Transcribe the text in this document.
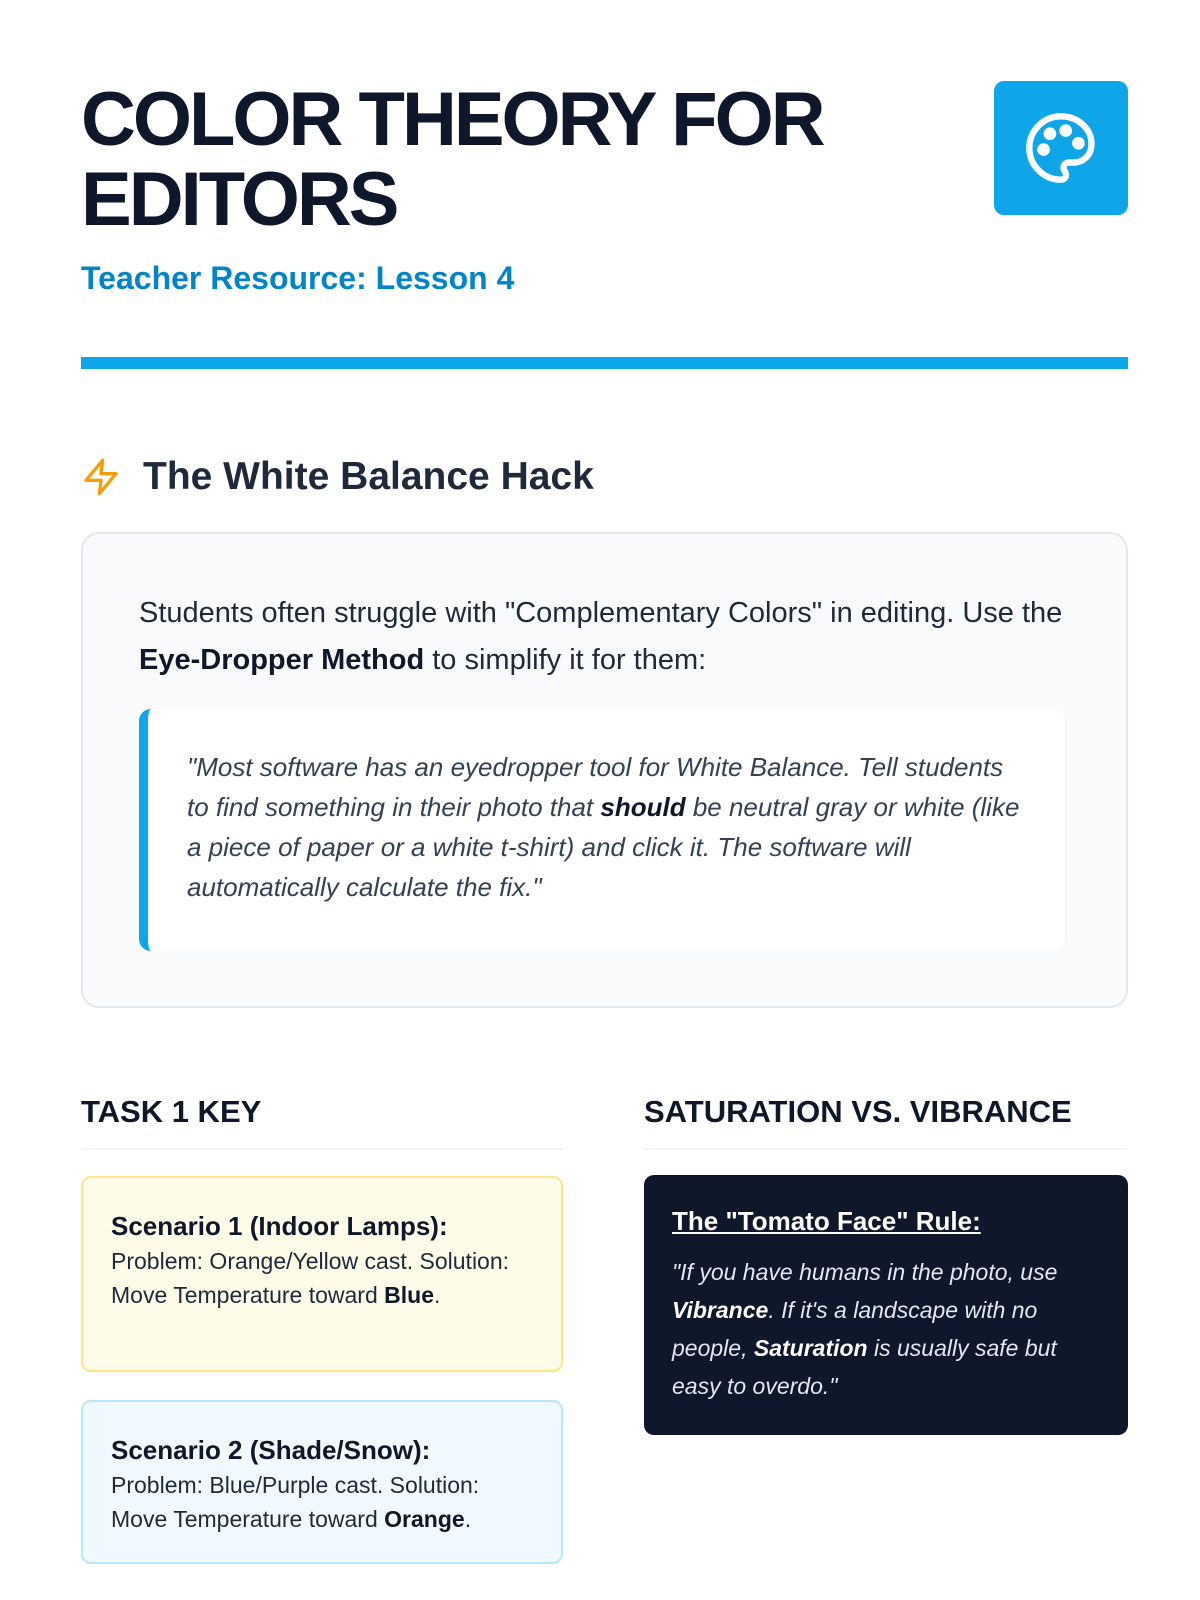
COLOR THEORY FOR EDITORS
Teacher Resource: Lesson 4
The White Balance Hack
Students often struggle with "Complementary Colors" in editing. Use the Eye-Dropper Method to simplify it for them:
"Most software has an eyedropper tool for White Balance. Tell students to find something in their photo that should be neutral gray or white (like a piece of paper or a white t-shirt) and click it. The software will automatically calculate the fix."
TASK 1 KEY	SATURATION VS. VIBRANCE
Scenario 1 (Indoor Lamps):
Problem: Orange/Yellow cast. Solution: Move Temperature toward Blue.
Scenario 2 (Shade/Snow):
Problem: Blue/Purple cast. Solution: Move Temperature toward Orange.
The "Tomato Face" Rule:
"If you have humans in the photo, use Vibrance. If it's a landscape with no people, Saturation is usually safe but easy to overdo."
